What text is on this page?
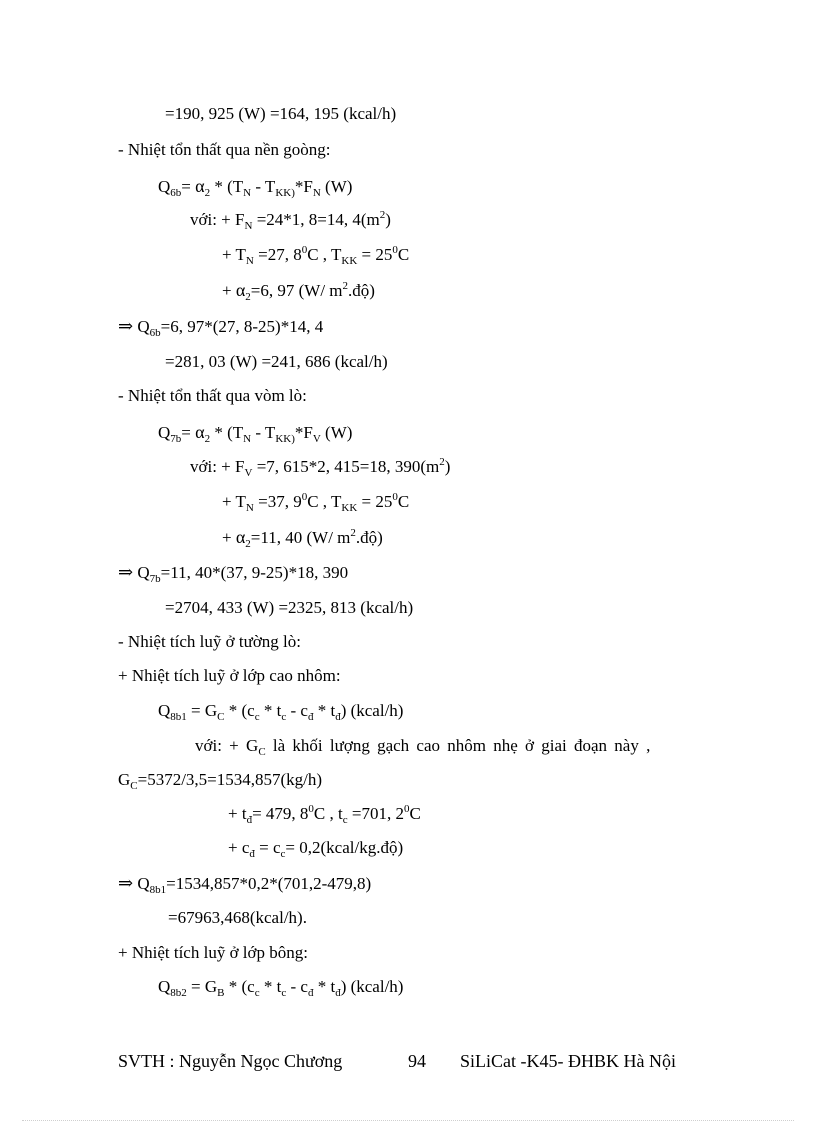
=190, 925 (W) =164, 195 (kcal/h)
- Nhiệt tổn thất qua nền goòng:
$Q_{6b}= \alpha_2 * (T_N - T_{KK)}*F_N$ (W)
với: + $F_N =24*1$, 8=14, $4(m^2)$
+ $T_N =27$, $8^0C$ , $T_{KK} = 25^0C$
+ $\alpha_2=6$, 97 (W/ $m^2.độ$)
⇒ $Q_{6b}=6$, 97*(27, 8-25)*14, 4
=281, 03 (W) =241, 686 (kcal/h)
- Nhiệt tổn thất qua vòm lò:
$Q_{7b}= \alpha_2 * (T_N - T_{KK)}*F_V$ (W)
với: + $F_V =7$, 615*2, 415=18, $390(m^2)$
+ $T_N =37$, $9^0C$ , $T_{KK} = 25^0C$
+ $\alpha_2=11$, 40 (W/ $m^2.độ$)
⇒ $Q_{7b}=11$, 40*(37, 9-25)*18, 390
=2704, 433 (W) =2325, 813 (kcal/h)
- Nhiệt tích luỹ ở tường lò:
+ Nhiệt tích luỹ ở lớp cao nhôm:
$Q_{8b1} = G_C * (c_c * t_c - c_đ * t_đ)$ (kcal/h)
với: + $G_C$ là khối lượng gạch cao nhôm nhẹ ở giai đoạn này ,
$G_C=5372/3,5=1534,857(kg/h)$
+ $t_đ= 479$, $8^0C$ , $t_c =701$, $2^0C$
+ $c_đ = c_c=$ 0,2(kcal/kg.độ)
⇒ $Q_{8b1}=1534,857*0,2*(701,2-479,8)$
=67963,468(kcal/h).
+ Nhiệt tích luỹ ở lớp bông:
$Q_{8b2} = G_B * (c_c * t_c - c_đ * t_đ)$ (kcal/h)
SVTH : Nguyễn Ngọc Chương	94 SiLiCat -K45- ĐHBK Hà Nội
